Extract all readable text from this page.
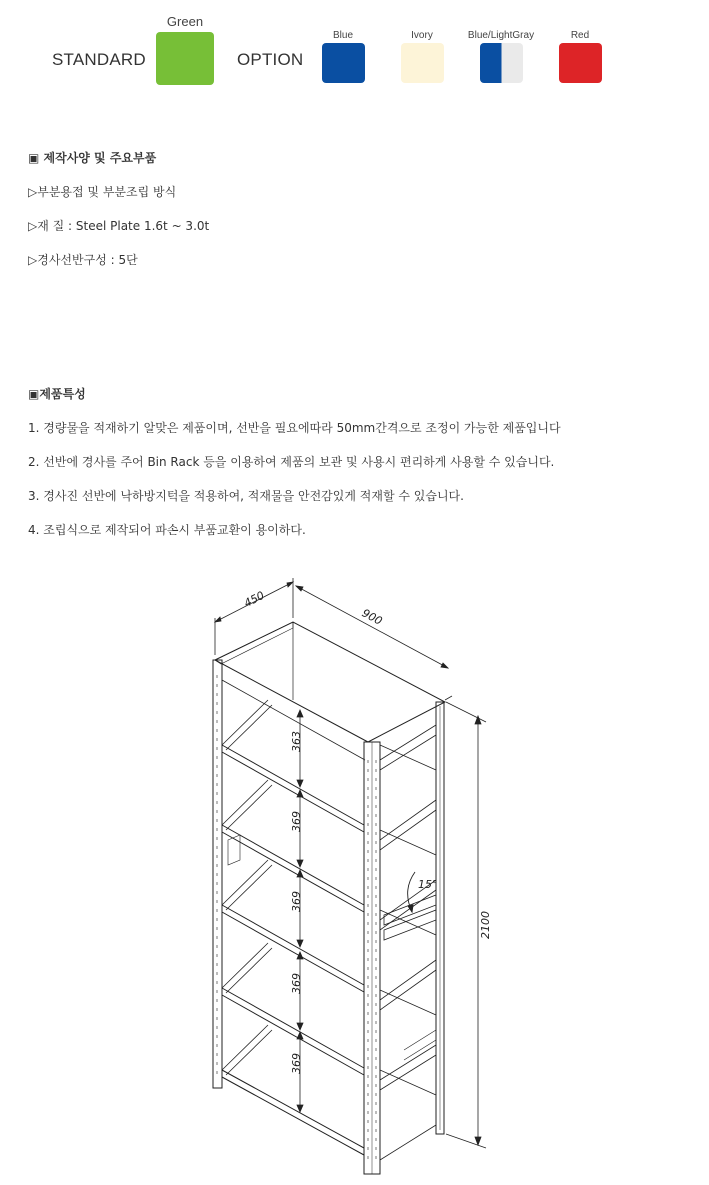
STANDARD
Green
OPTION
Blue	Ivory	Blue/LightGray	Red
▣ 제작사양 및 주요부품
▷부분용접 및 부분조립 방식
▷재 질 : Steel Plate 1.6t ~ 3.0t
▷경사선반구성 : 5단
▣제품특성
1. 경량물을 적재하기 알맞은 제품이며, 선반을 필요에따라 50mm간격으로 조정이 가능한 제품입니다
2. 선반에 경사를 주어 Bin Rack 등을 이용하여 제품의 보관 및 사용시 편리하게 사용할 수 있습니다.
3. 경사진 선반에 낙하방지턱을 적용하여, 적재물을 안전감있게 적재할 수 있습니다.
4. 조립식으로 제작되어 파손시 부품교환이 용이하다.
450
900
2100
15°
363
369
369
369
369
